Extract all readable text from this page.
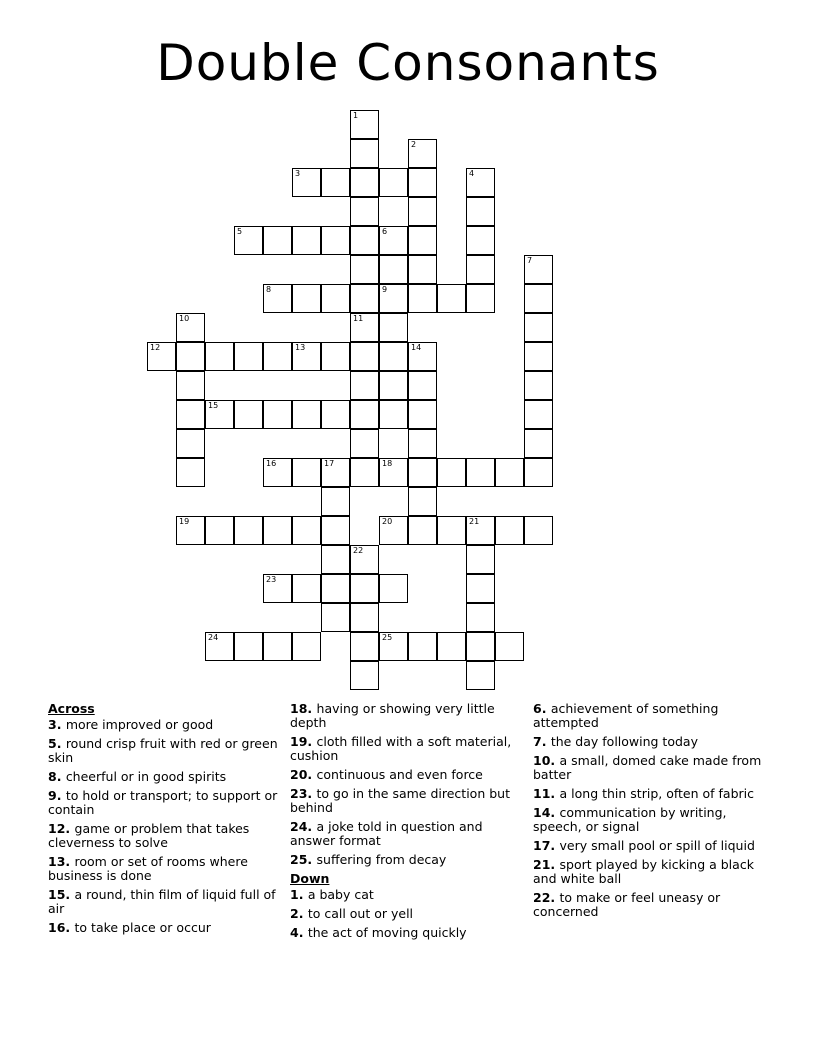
Double Consonants
1
11
2
3	4
5	6
9
7
8
10
12	13	14
15
16	17	18
19	20	21
22
23
24	25
Across
3. more improved or good
5. round crisp fruit with red or green skin
8. cheerful or in good spirits
9. to hold or transport; to support or contain
12. game or problem that takes cleverness to solve
13. room or set of rooms where business is done
15. a round, thin film of liquid full of air
16. to take place or occur
18. having or showing very little depth
19. cloth filled with a soft material, cushion
20. continuous and even force
23. to go in the same direction but behind
24. a joke told in question and answer format
25. suffering from decay
Down
1. a baby cat
2. to call out or yell
4. the act of moving quickly
6. achievement of something attempted
7. the day following today
10. a small, domed cake made from batter
11. a long thin strip, often of fabric
14. communication by writing, speech, or signal
17. very small pool or spill of liquid
21. sport played by kicking a black and white ball
22. to make or feel uneasy or concerned
